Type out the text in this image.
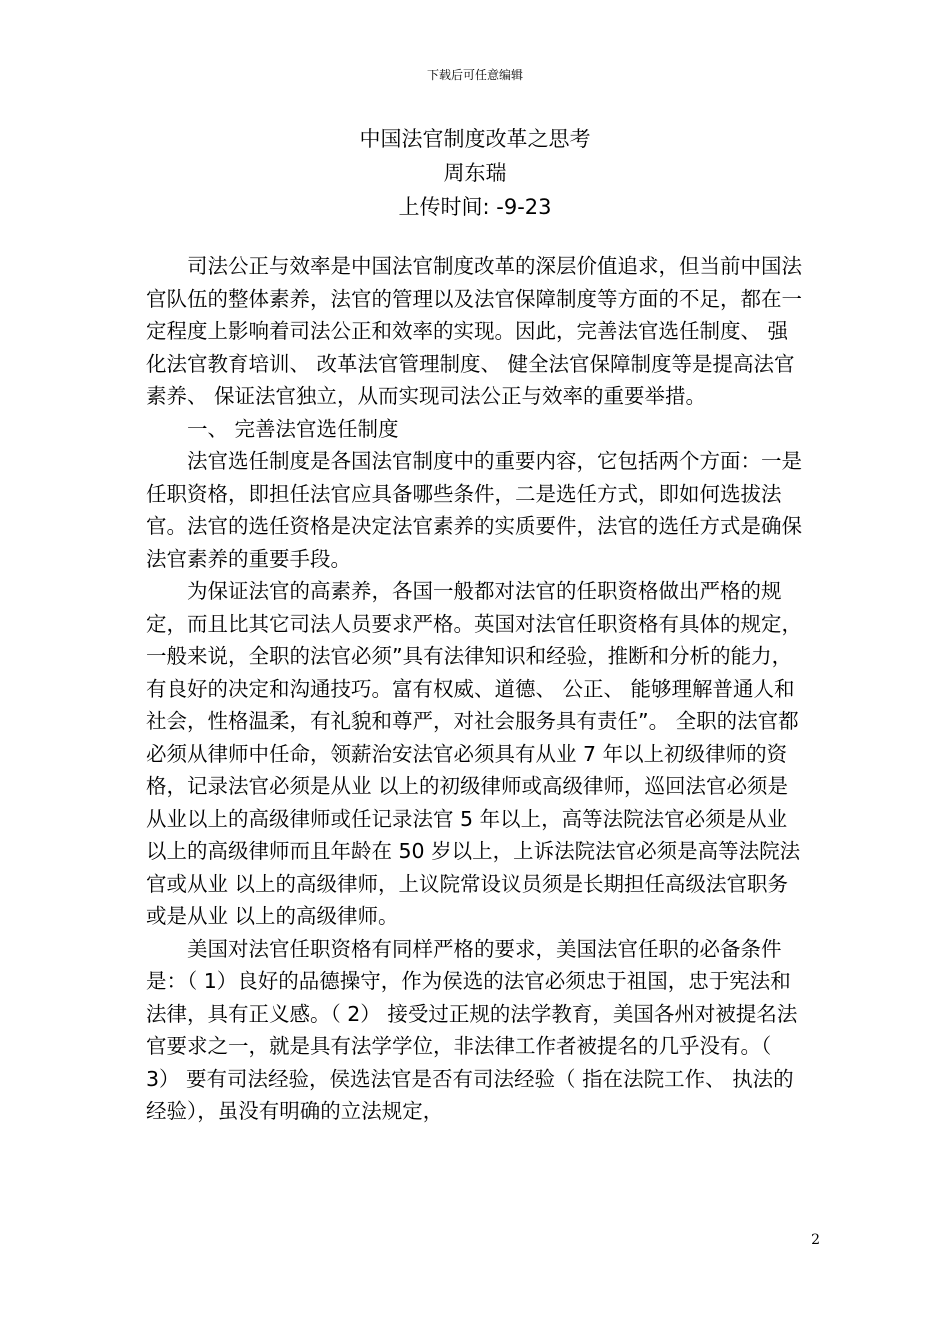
下载后可任意编辑
中国法官制度改革之思考
周东瑞
上传时间: -9-23

司法公正与效率是中国法官制度改革的深层价值追求，但当前中国法官队伍的整体素养，法官的管理以及法官保障制度等方面的不足，都在一定程度上影响着司法公正和效率的实现。因此，完善法官选任制度、 强化法官教育培训、 改革法官管理制度、 健全法官保障制度等是提高法官素养、 保证法官独立，从而实现司法公正与效率的重要举措。

一、 完善法官选任制度

法官选任制度是各国法官制度中的重要内容，它包括两个方面：一是任职资格，即担任法官应具备哪些条件，二是选任方式，即如何选拔法官。法官的选任资格是决定法官素养的实质要件，法官的选任方式是确保法官素养的重要手段。

为保证法官的高素养，各国一般都对法官的任职资格做出严格的规定，而且比其它司法人员要求严格。英国对法官任职资格有具体的规定，一般来说，全职的法官必须”具有法律知识和经验，推断和分析的能力，有良好的决定和沟通技巧。富有权威、道德、 公正、 能够理解普通人和社会，性格温柔，有礼貌和尊严，对社会服务具有责任”。 全职的法官都必须从律师中任命，领薪治安法官必须具有从业 7 年以上初级律师的资格，记录法官必须是从业 以上的初级律师或高级律师，巡回法官必须是从业以上的高级律师或任记录法官 5 年以上，高等法院法官必须是从业 以上的高级律师而且年龄在 50 岁以上，上诉法院法官必须是高等法院法官或从业 以上的高级律师，上议院常设议员须是长期担任高级法官职务或是从业 以上的高级律师。

美国对法官任职资格有同样严格的要求，美国法官任职的必备条件是：（ 1）良好的品德操守，作为侯选的法官必须忠于祖国，忠于宪法和法律，具有正义感。（ 2） 接受过正规的法学教育，美国各州对被提名法官要求之一，就是具有法学学位，非法律工作者被提名的几乎没有。（ 3） 要有司法经验，侯选法官是否有司法经验（ 指在法院工作、 执法的经验），虽没有明确的立法规定，

2
